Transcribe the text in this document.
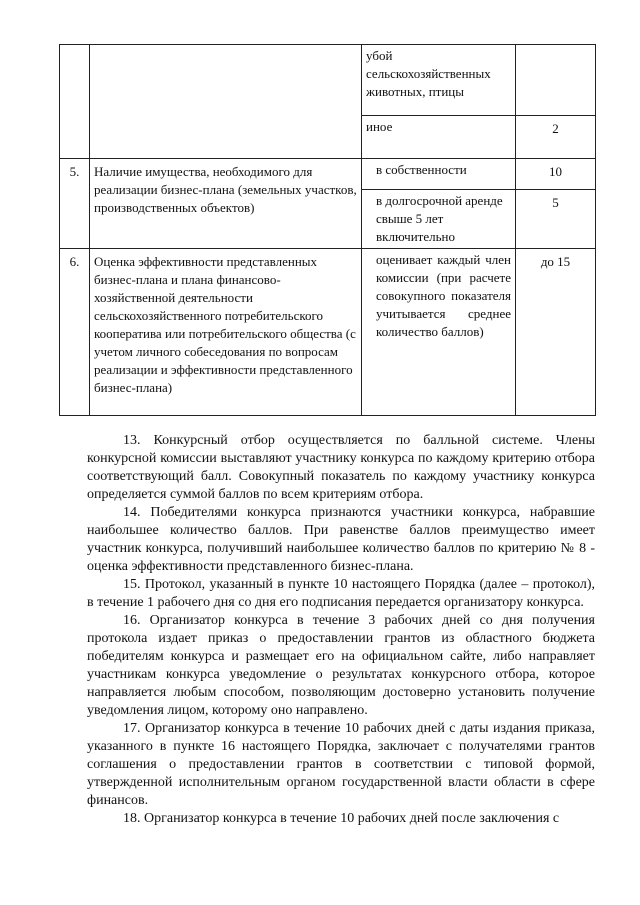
		убой сельскохозяйственных животных, птицы	
		иное	2
5.	Наличие имущества, необходимого для реализации бизнес-плана (земельных участков, производственных объектов)	в собственности	10
		в долгосрочной аренде свыше 5 лет включительно	5
6.	Оценка эффективности представленных бизнес-плана и плана финансово-хозяйственной деятельности сельскохозяйственного потребительского кооператива или потребительского общества (с учетом личного собеседования по вопросам реализации и эффективности представленного бизнес-плана)	оценивает каждый член комиссии (при расчете совокупного показателя учитывается среднее количество баллов)	до 15

13. Конкурсный отбор осуществляется по балльной системе. Члены конкурсной комиссии выставляют участнику конкурса по каждому критерию отбора соответствующий балл. Совокупный показатель по каждому участнику конкурса определяется суммой баллов по всем критериям отбора.

14. Победителями конкурса признаются участники конкурса, набравшие наибольшее количество баллов. При равенстве баллов преимущество имеет участник конкурса, получивший наибольшее количество баллов по критерию № 8 - оценка эффективности представленного бизнес-плана.

15. Протокол, указанный в пункте 10 настоящего Порядка (далее – протокол), в течение 1 рабочего дня со дня его подписания передается организатору конкурса.

16. Организатор конкурса в течение 3 рабочих дней со дня получения протокола издает приказ о предоставлении грантов из областного бюджета победителям конкурса и размещает его на официальном сайте, либо направляет участникам конкурса уведомление о результатах конкурсного отбора, которое направляется любым способом, позволяющим достоверно установить получение уведомления лицом, которому оно направлено.

17. Организатор конкурса в течение 10 рабочих дней с даты издания приказа, указанного в пункте 16 настоящего Порядка, заключает с получателями грантов соглашения о предоставлении грантов в соответствии с типовой формой, утвержденной исполнительным органом государственной власти области в сфере финансов.

18. Организатор конкурса в течение 10 рабочих дней после заключения с
